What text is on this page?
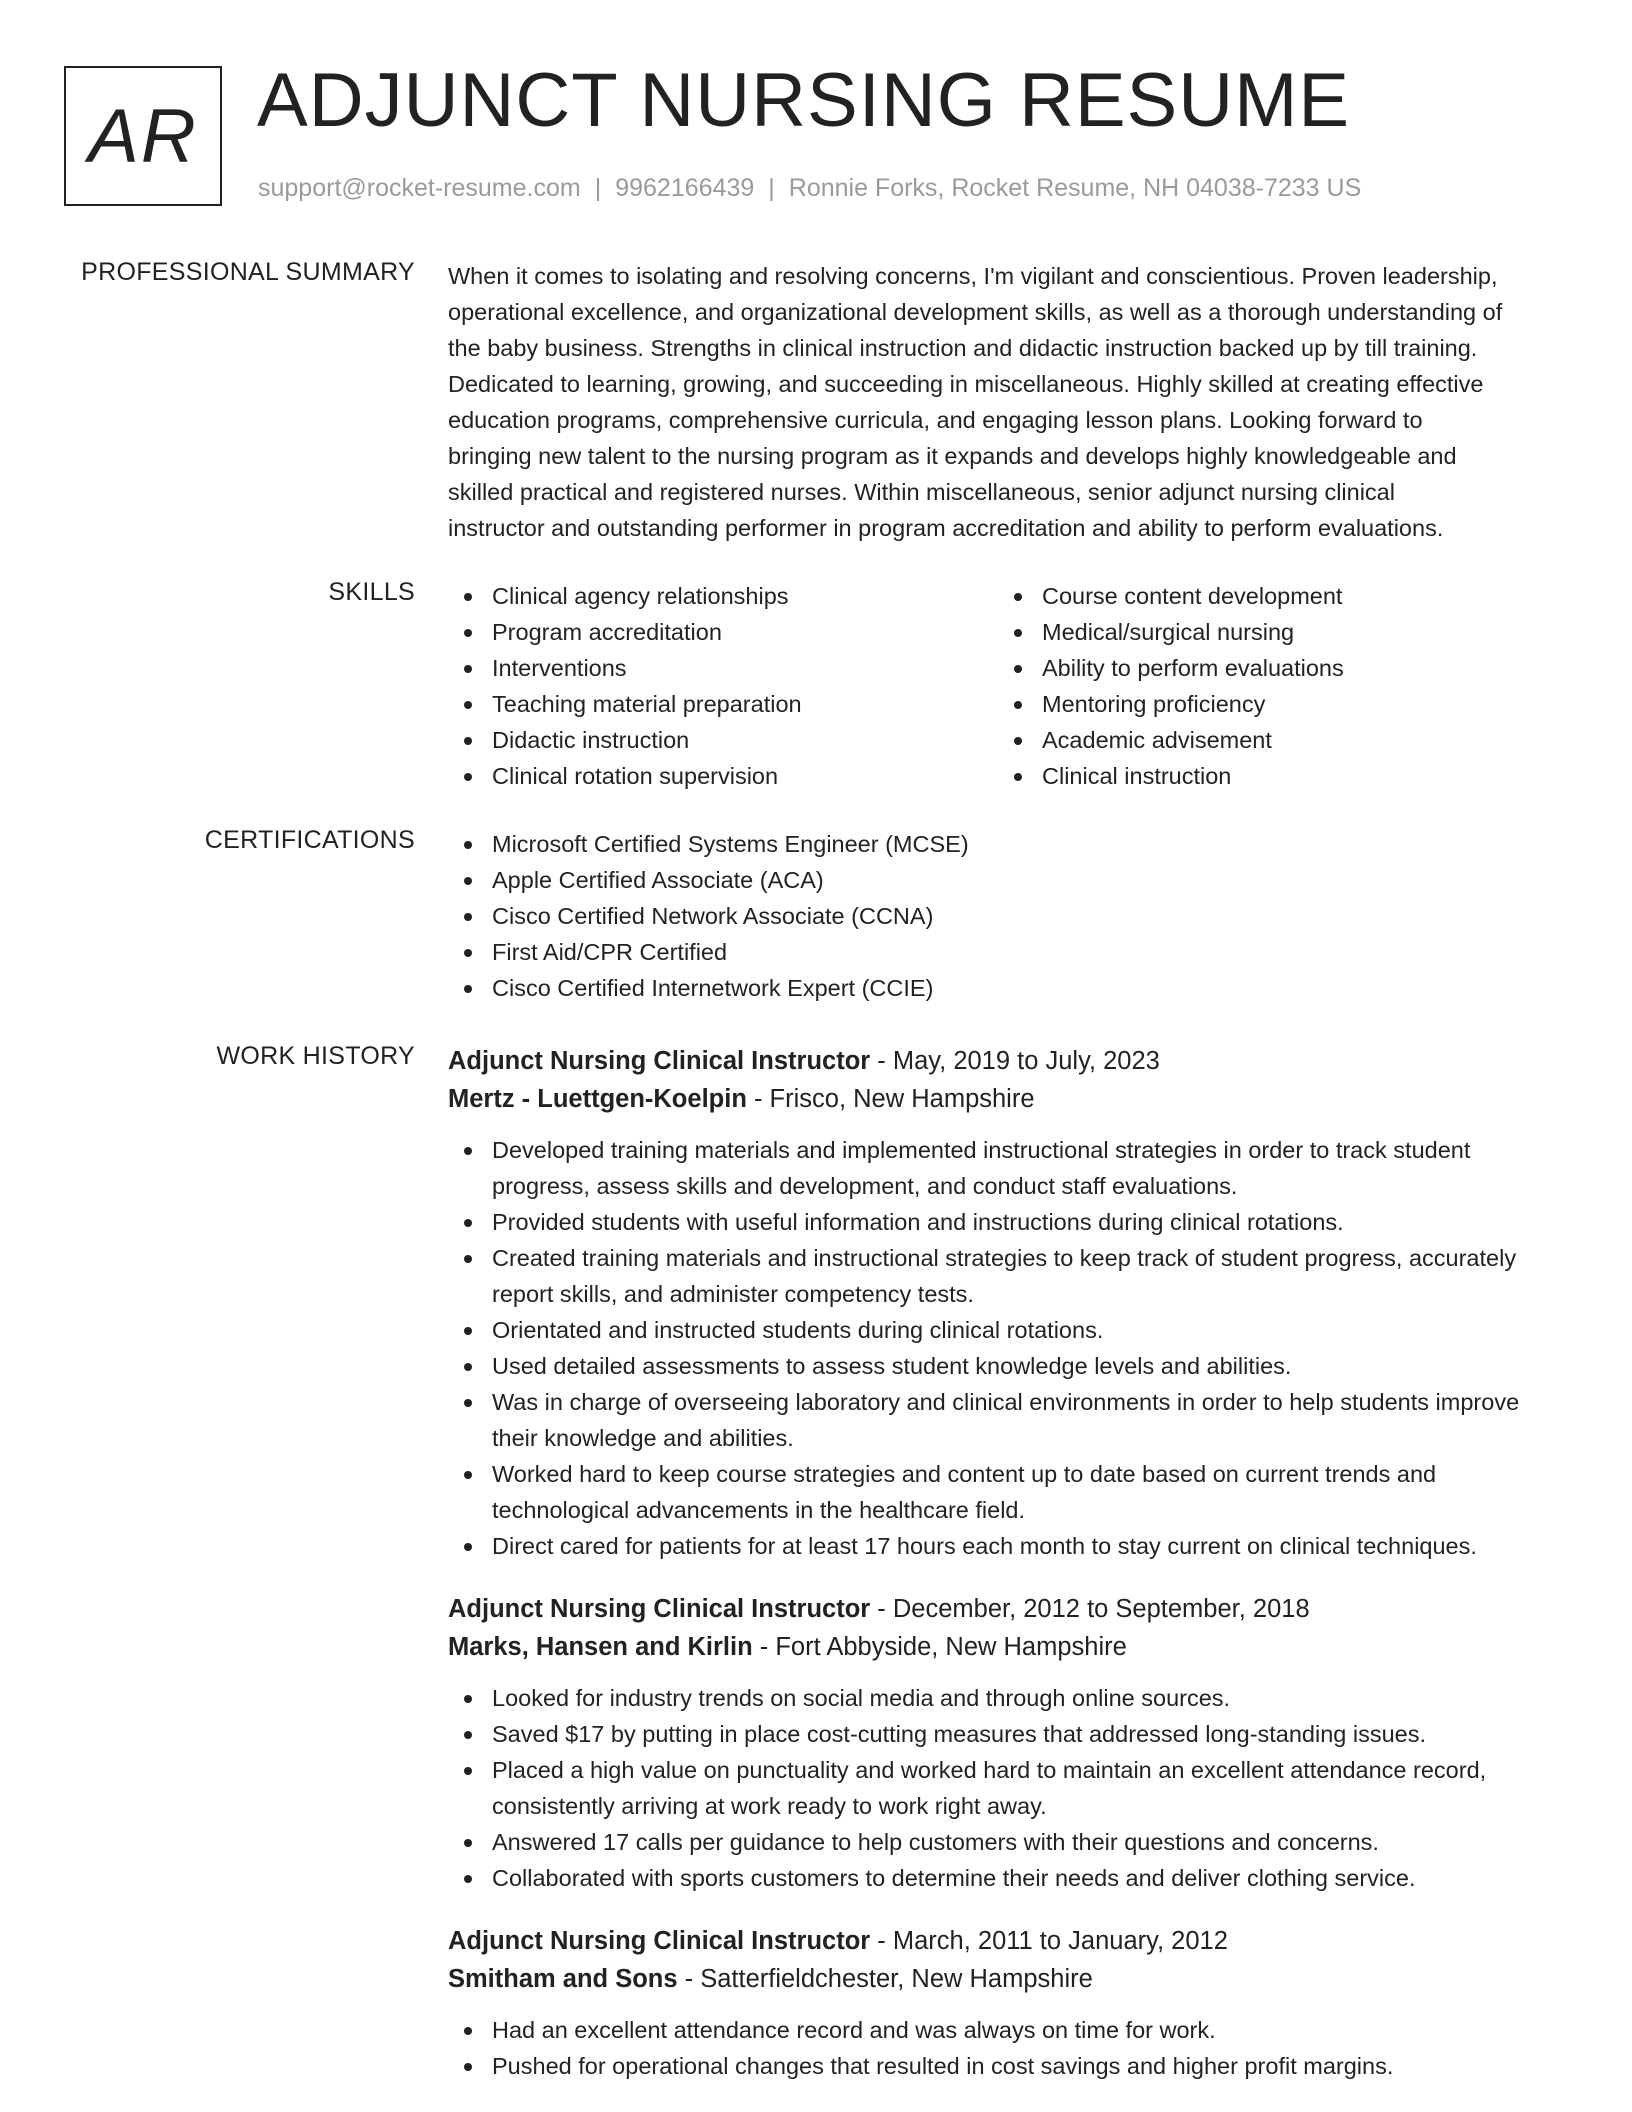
AR ADJUNCT NURSING RESUME
support@rocket-resume.com | 9962166439 | Ronnie Forks, Rocket Resume, NH 04038-7233 US
PROFESSIONAL SUMMARY When it comes to isolating and resolving concerns, I'm vigilant and conscientious. Proven leadership,
operational excellence, and organizational development skills, as well as a thorough understanding of
the baby business. Strengths in clinical instruction and didactic instruction backed up by till training.
Dedicated to learning, growing, and succeeding in miscellaneous. Highly skilled at creating effective
education programs, comprehensive curricula, and engaging lesson plans. Looking forward to
bringing new talent to the nursing program as it expands and develops highly knowledgeable and
skilled practical and registered nurses. Within miscellaneous, senior adjunct nursing clinical
instructor and outstanding performer in program accreditation and ability to perform evaluations.
SKILLS	Clinical agency relationships
Program accreditation
Interventions
Teaching material preparation
Didactic instruction
Clinical rotation supervision
Course content development
Medical/surgical nursing
Ability to perform evaluations
Mentoring proficiency
Academic advisement
Clinical instruction
CERTIFICATIONS	Microsoft Certified Systems Engineer (MCSE)
Apple Certified Associate (ACA)
Cisco Certified Network Associate (CCNA)
First Aid/CPR Certified
Cisco Certified Internetwork Expert (CCIE)
WORK HISTORY Adjunct Nursing Clinical Instructor - May, 2019 to July, 2023
Mertz - Luettgen-Koelpin - Frisco, New Hampshire
Developed training materials and implemented instructional strategies in order to track student progress, assess skills and development, and conduct staff evaluations.
Provided students with useful information and instructions during clinical rotations.
Created training materials and instructional strategies to keep track of student progress, accurately report skills, and administer competency tests.
Orientated and instructed students during clinical rotations.
Used detailed assessments to assess student knowledge levels and abilities.
Was in charge of overseeing laboratory and clinical environments in order to help students improve their knowledge and abilities.
Worked hard to keep course strategies and content up to date based on current trends and technological advancements in the healthcare field.
Direct cared for patients for at least 17 hours each month to stay current on clinical techniques.
Adjunct Nursing Clinical Instructor - December, 2012 to September, 2018
Marks, Hansen and Kirlin - Fort Abbyside, New Hampshire
Looked for industry trends on social media and through online sources.
Saved $17 by putting in place cost-cutting measures that addressed long-standing issues.
Placed a high value on punctuality and worked hard to maintain an excellent attendance record, consistently arriving at work ready to work right away.
Answered 17 calls per guidance to help customers with their questions and concerns.
Collaborated with sports customers to determine their needs and deliver clothing service.
Adjunct Nursing Clinical Instructor - March, 2011 to January, 2012
Smitham and Sons - Satterfieldchester, New Hampshire
Had an excellent attendance record and was always on time for work.
Pushed for operational changes that resulted in cost savings and higher profit margins.
